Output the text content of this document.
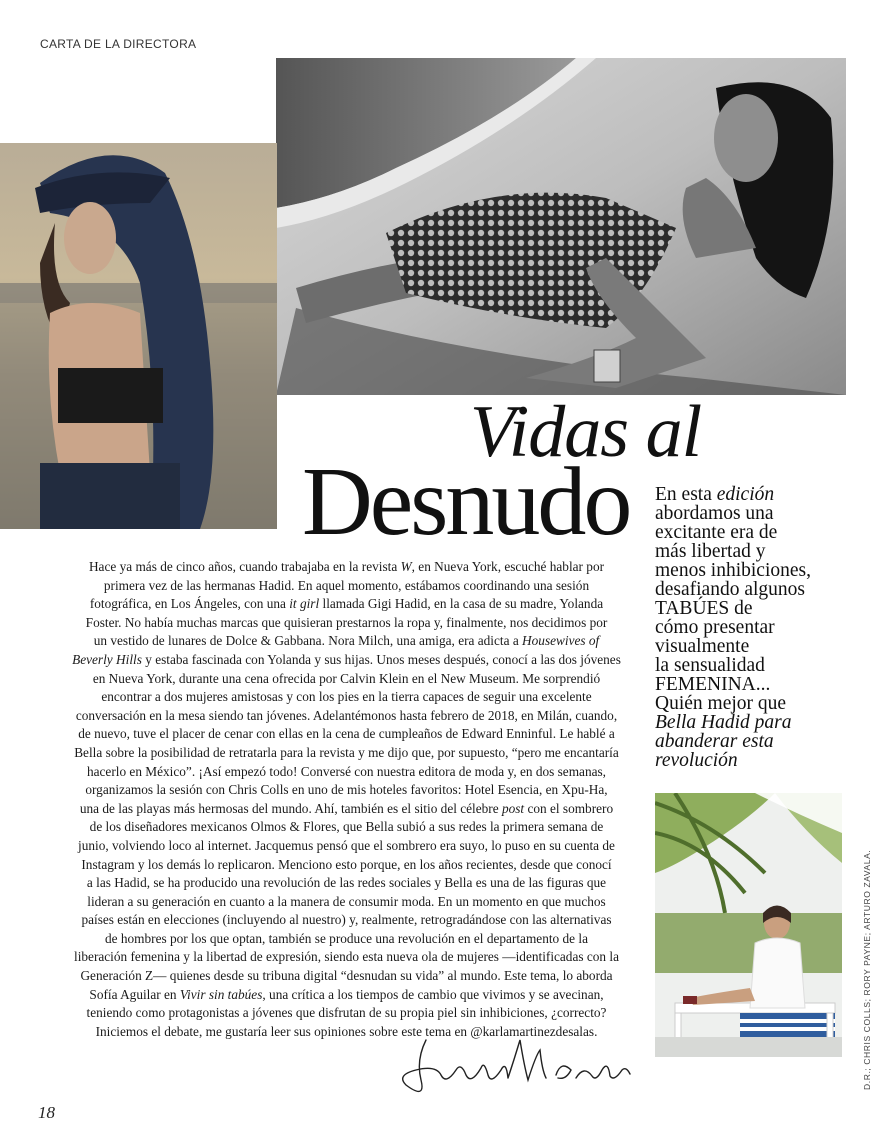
CARTA DE LA DIRECTORA
Vidas al
Desnudo	En esta edición
abordamos una
excitante era de
más libertad y
menos inhibiciones,
desafiando algunos
TABÚES de
cómo presentar
visualmente
la sensualidad
FEMENINA...
Quién mejor que
Bella Hadid para
abanderar esta
revolución
Hace ya más de cinco años, cuando trabajaba en la revista W, en Nueva York, escuché hablar por
primera vez de las hermanas Hadid. En aquel momento, estábamos coordinando una sesión
fotográfica, en Los Ángeles, con una it girl llamada Gigi Hadid, en la casa de su madre, Yolanda
Foster. No había muchas marcas que quisieran prestarnos la ropa y, finalmente, nos decidimos por
un vestido de lunares de Dolce & Gabbana. Nora Milch, una amiga, era adicta a Housewives of
Beverly Hills y estaba fascinada con Yolanda y sus hijas. Unos meses después, conocí a las dos jóvenes
en Nueva York, durante una cena ofrecida por Calvin Klein en el New Museum. Me sorprendió
encontrar a dos mujeres amistosas y con los pies en la tierra capaces de seguir una excelente
conversación en la mesa siendo tan jóvenes. Adelantémonos hasta febrero de 2018, en Milán, cuando,
de nuevo, tuve el placer de cenar con ellas en la cena de cumpleaños de Edward Enninful. Le hablé a
Bella sobre la posibilidad de retratarla para la revista y me dijo que, por supuesto, “pero me encantaría
hacerlo en México”. ¡Así empezó todo! Conversé con nuestra editora de moda y, en dos semanas,
organizamos la sesión con Chris Colls en uno de mis hoteles favoritos: Hotel Esencia, en Xpu-Ha,
una de las playas más hermosas del mundo. Ahí, también es el sitio del célebre post con el sombrero
de los diseñadores mexicanos Olmos & Flores, que Bella subió a sus redes la primera semana de
junio, volviendo loco al internet. Jacquemus pensó que el sombrero era suyo, lo puso en su cuenta de
Instagram y los demás lo replicaron. Menciono esto porque, en los años recientes, desde que conocí
a las Hadid, se ha producido una revolución de las redes sociales y Bella es una de las figuras que
lideran a su generación en cuanto a la manera de consumir moda. En un momento en que muchos
países están en elecciones (incluyendo al nuestro) y, realmente, retrogradándose con las alternativas
de hombres por los que optan, también se produce una revolución en el departamento de la
liberación femenina y la libertad de expresión, siendo esta nueva ola de mujeres —identificadas con la
Generación Z— quienes desde su tribuna digital “desnudan su vida” al mundo. Este tema, lo aborda
Sofía Aguilar en Vivir sin tabúes, una crítica a los tiempos de cambio que vivimos y se avecinan,
teniendo como protagonistas a jóvenes que disfrutan de su propia piel sin inhibiciones, ¿correcto?
Iniciemos el debate, me gustaría leer sus opiniones sobre este tema en @karlamartinezdesalas.	D.R.; CHRIS COLLS; RORY PAYNE; ARTURO ZAVALA.
18
